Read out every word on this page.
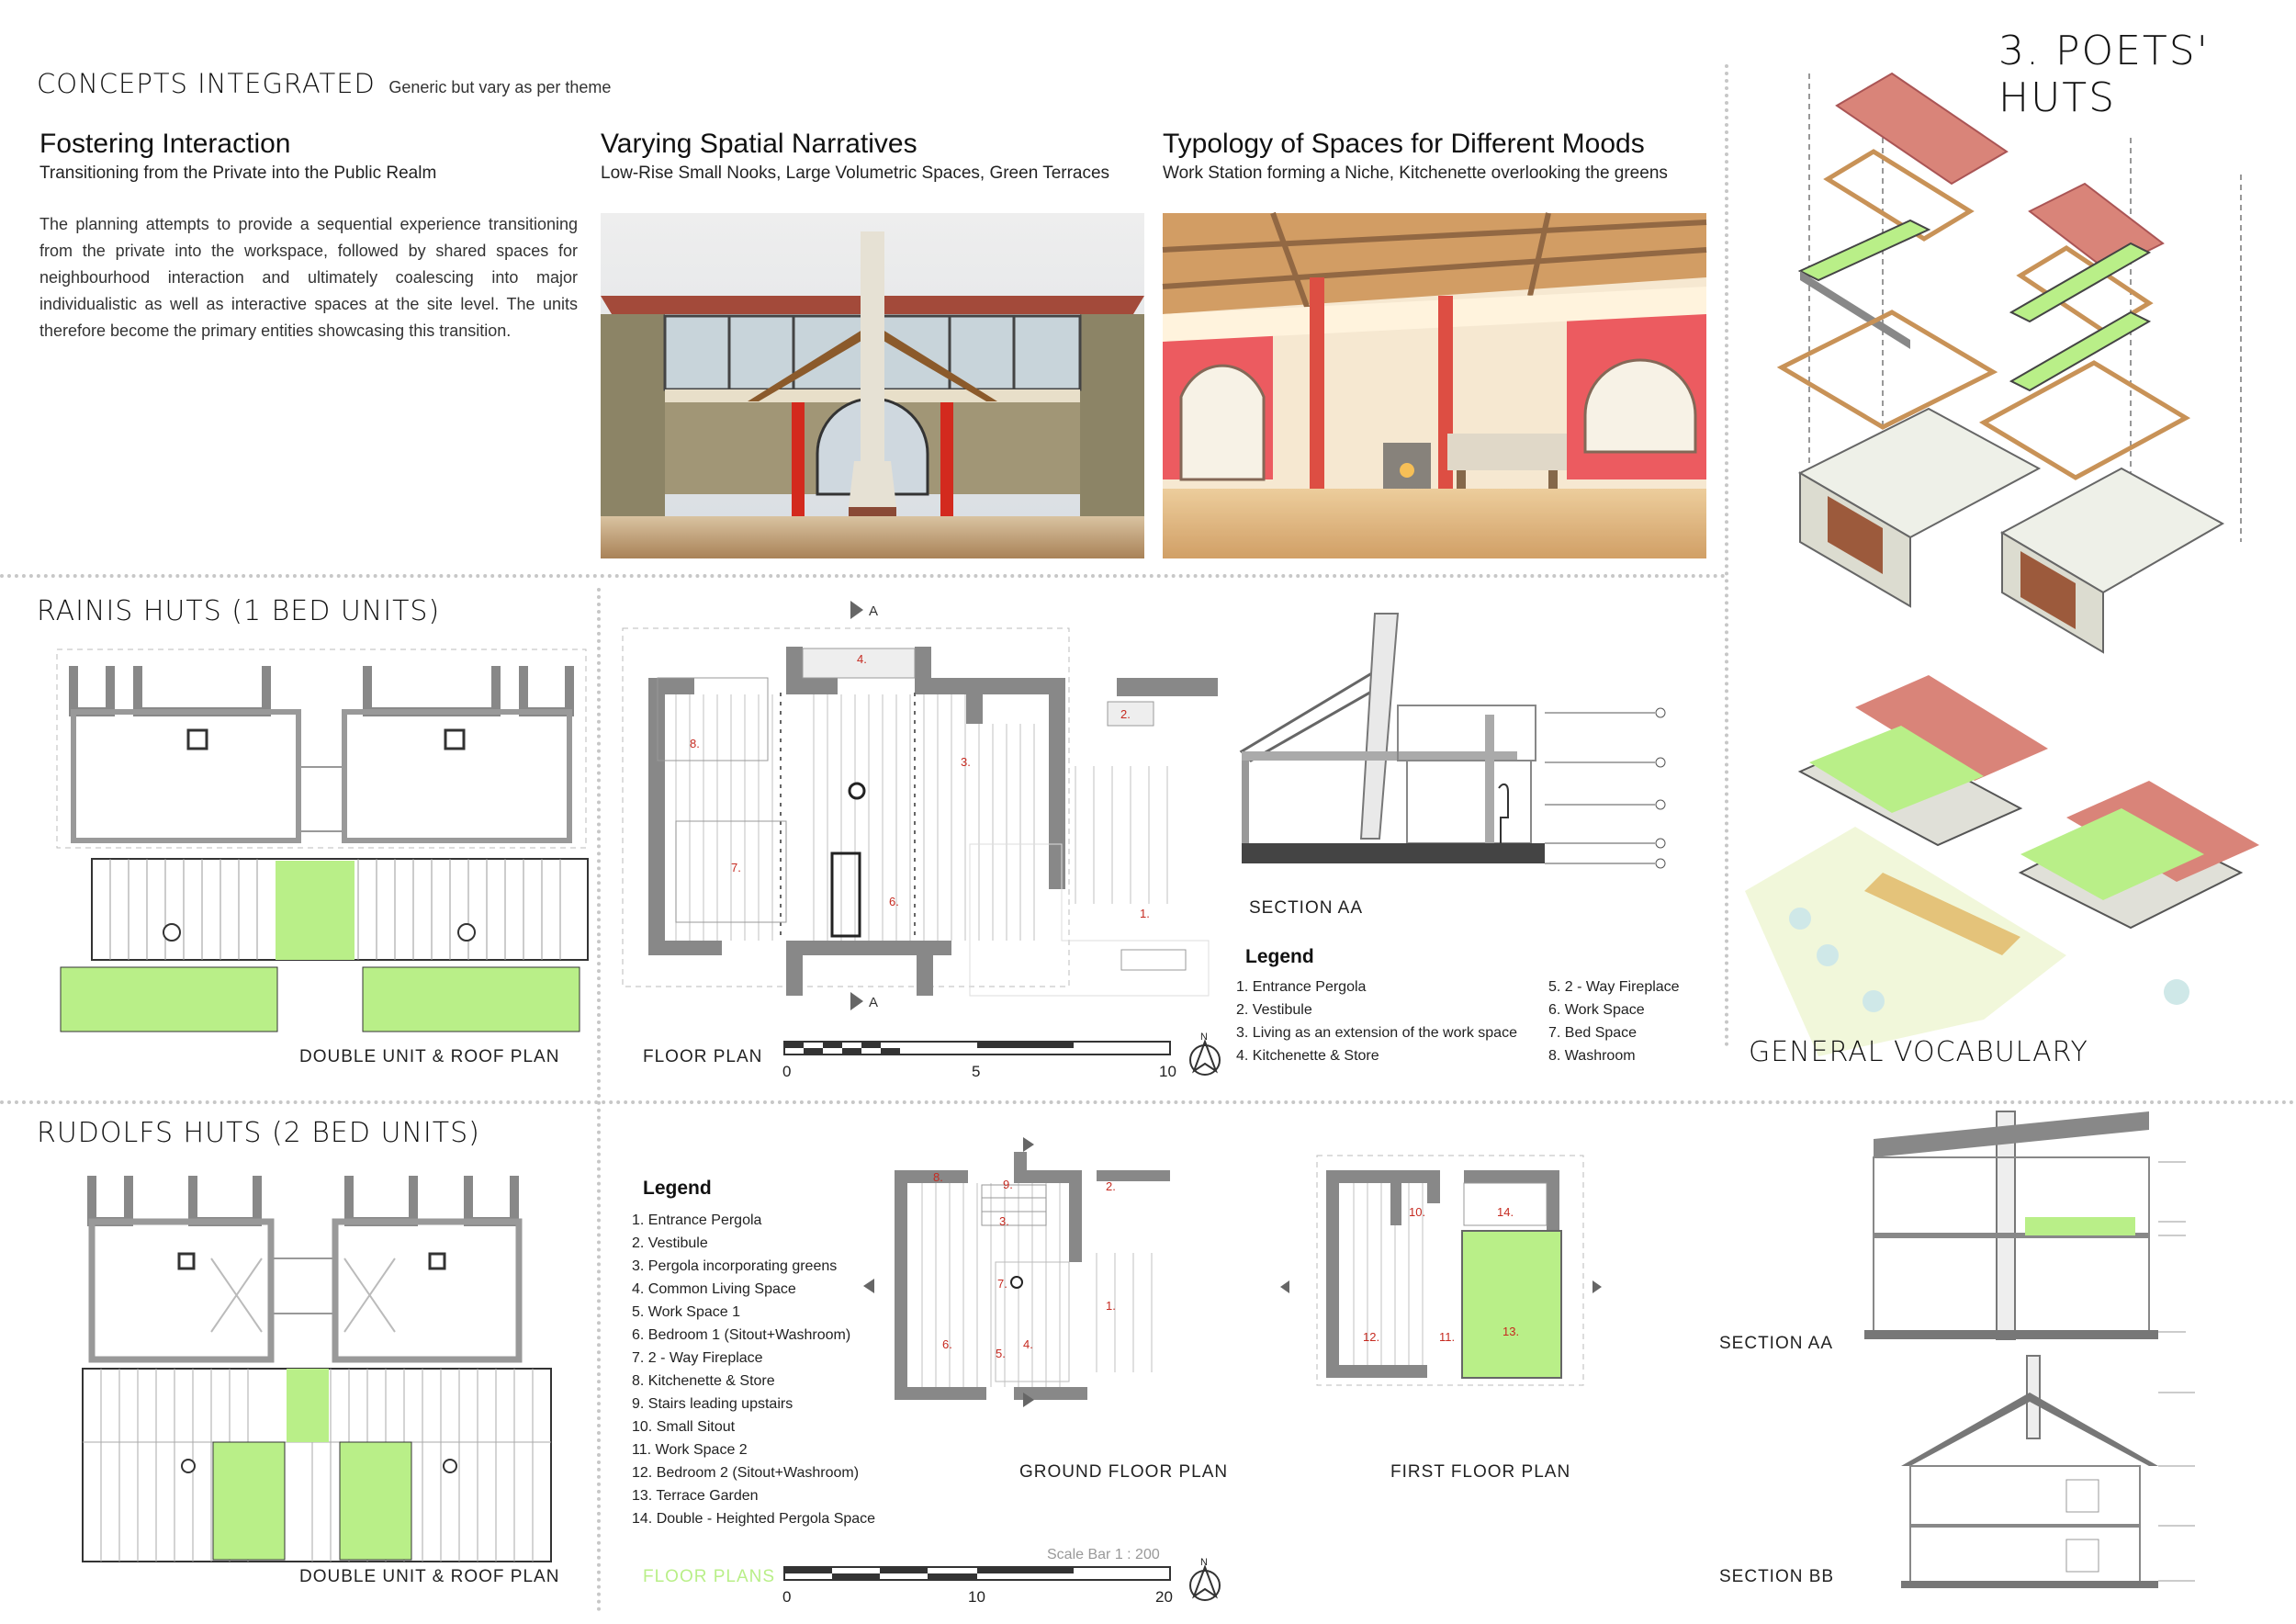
3. POETS' HUTS
CONCEPTS INTEGRATED Generic but vary as per theme
Fostering Interaction
Transitioning from the Private into the Public Realm
The planning attempts to provide a sequential experience transitioning from the private into the workspace, followed by shared spaces for neighbourhood interaction and ultimately coalescing into major individualistic as well as interactive spaces at the site level. The units therefore become the primary entities showcasing this transition.
Varying Spatial Narratives
Low-Rise Small Nooks, Large Volumetric Spaces, Green Terraces
Typology of Spaces for Different Moods
Work Station forming a Niche, Kitchenette overlooking the greens
GENERAL VOCABULARY
RAINIS HUTS (1 BED UNITS)
DOUBLE UNIT & ROOF PLAN
A
A
4.
2.
3.
8.
7.
6.
1.
FLOOR PLAN
0	5	10
N
SECTION AA
Legend
1. Entrance Pergola
2. Vestibule
3. Living as an extension of the work space
4. Kitchenette & Store
5. 2 - Way Fireplace
6. Work Space
7. Bed Space
8. Washroom
RUDOLFS HUTS (2 BED UNITS)
DOUBLE UNIT & ROOF PLAN
Legend
1. Entrance Pergola
2. Vestibule
3. Pergola incorporating greens
4. Common Living Space
5. Work Space 1
6. Bedroom 1 (Sitout+Washroom)
7. 2 - Way Fireplace
8. Kitchenette & Store
9. Stairs leading upstairs
10. Small Sitout
11. Work Space 2
12. Bedroom 2 (Sitout+Washroom)
13. Terrace Garden
14. Double - Heighted Pergola Space
8.
9.	2.
3.
7.
1.
6.	4.
5.
GROUND FLOOR PLAN
10.	14.
12.	11.	13.
FIRST FLOOR PLAN
FLOOR PLANS
Scale Bar 1 : 200
0	10	20
N
SECTION AA
SECTION BB
